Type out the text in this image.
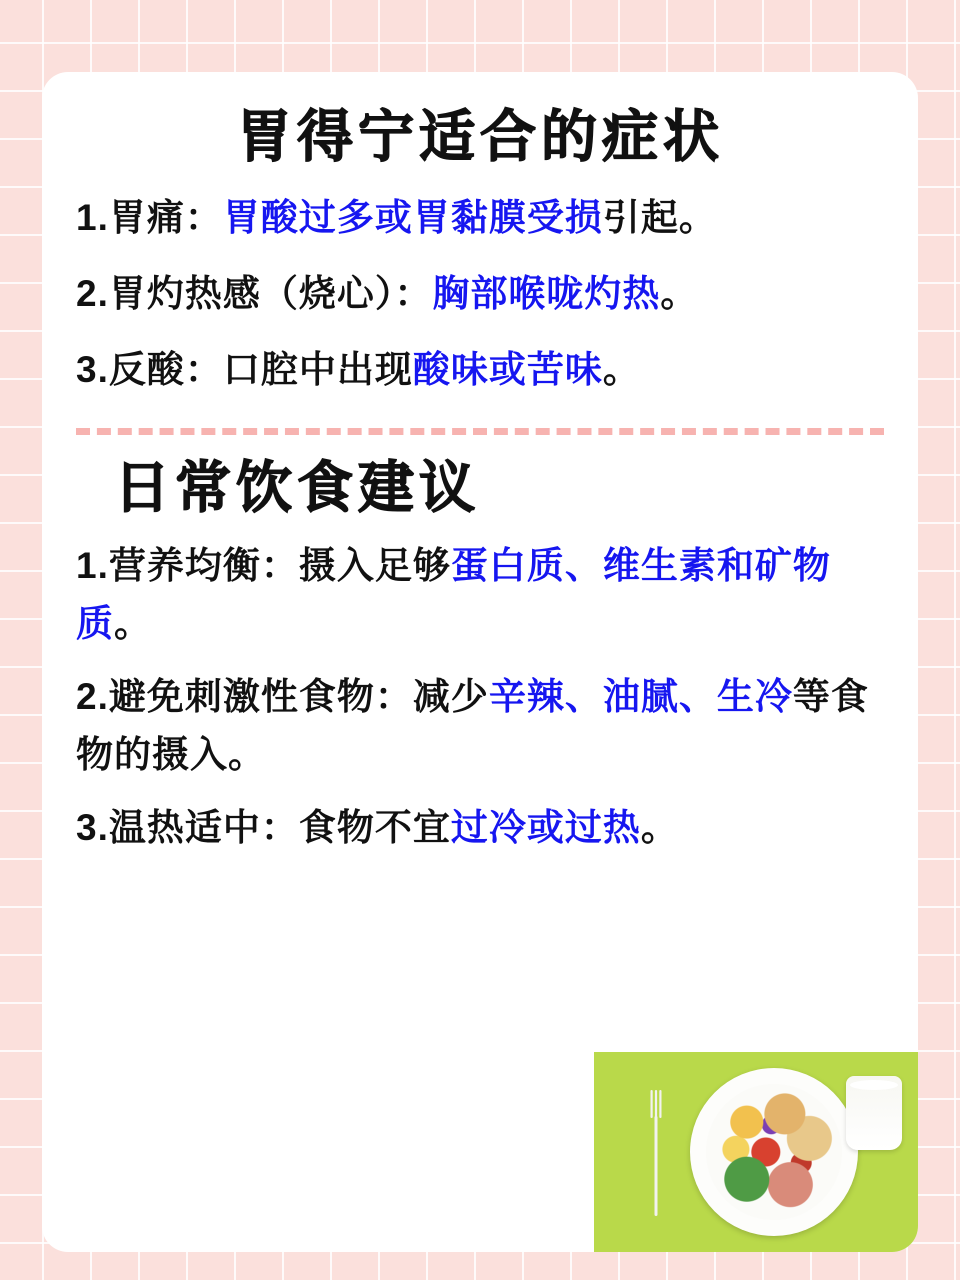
胃得宁适合的症状

1.胃痛：胃酸过多或胃黏膜受损引起。

2.胃灼热感（烧心）：胸部喉咙灼热。

3.反酸：口腔中出现酸味或苦味。

日常饮食建议

1.营养均衡：摄入足够蛋白质、维生素和矿物质。

2.避免刺激性食物：减少辛辣、油腻、生冷等食物的摄入。

3.温热适中：食物不宜过冷或过热。
